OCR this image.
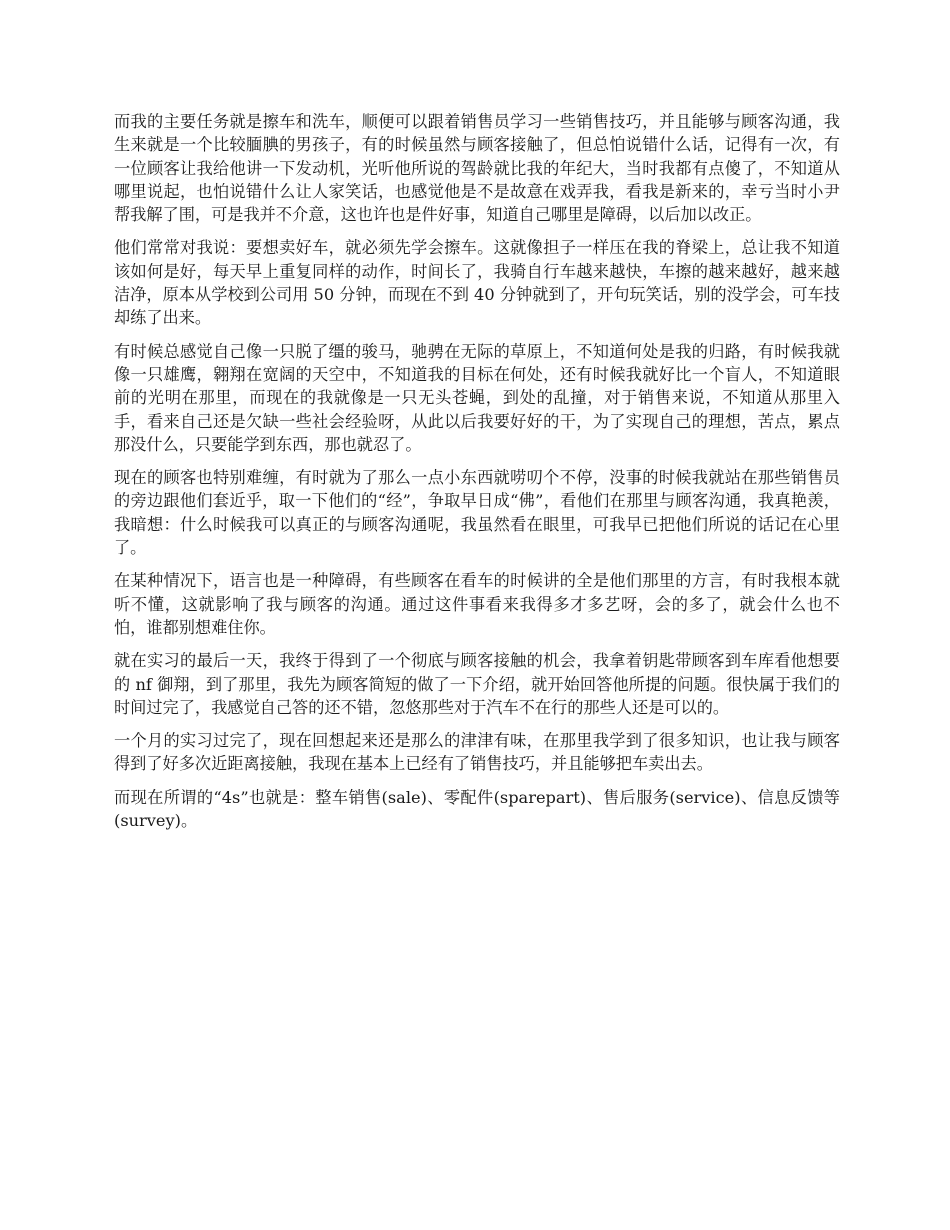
而我的主要任务就是擦车和洗车，顺便可以跟着销售员学习一些销售技巧，并且能够与顾客沟通，我生来就是一个比较腼腆的男孩子，有的时候虽然与顾客接触了，但总怕说错什么话，记得有一次，有一位顾客让我给他讲一下发动机，光听他所说的驾龄就比我的年纪大，当时我都有点傻了，不知道从哪里说起，也怕说错什么让人家笑话，也感觉他是不是故意在戏弄我，看我是新来的，幸亏当时小尹帮我解了围，可是我并不介意，这也许也是件好事，知道自己哪里是障碍，以后加以改正。

他们常常对我说：要想卖好车，就必须先学会擦车。这就像担子一样压在我的脊梁上，总让我不知道该如何是好，每天早上重复同样的动作，时间长了，我骑自行车越来越快，车擦的越来越好，越来越洁净，原本从学校到公司用 50 分钟，而现在不到 40 分钟就到了，开句玩笑话，别的没学会，可车技却练了出来。

有时候总感觉自己像一只脱了缰的骏马，驰骋在无际的草原上，不知道何处是我的归路，有时候我就像一只雄鹰，翱翔在宽阔的天空中，不知道我的目标在何处，还有时候我就好比一个盲人，不知道眼前的光明在那里，而现在的我就像是一只无头苍蝇，到处的乱撞，对于销售来说，不知道从那里入手，看来自己还是欠缺一些社会经验呀，从此以后我要好好的干，为了实现自己的理想，苦点，累点那没什么，只要能学到东西，那也就忍了。

现在的顾客也特别难缠，有时就为了那么一点小东西就唠叨个不停，没事的时候我就站在那些销售员的旁边跟他们套近乎，取一下他们的“经”，争取早日成“佛”，看他们在那里与顾客沟通，我真艳羡，我暗想：什么时候我可以真正的与顾客沟通呢，我虽然看在眼里，可我早已把他们所说的话记在心里了。

在某种情况下，语言也是一种障碍，有些顾客在看车的时候讲的全是他们那里的方言，有时我根本就听不懂，这就影响了我与顾客的沟通。通过这件事看来我得多才多艺呀，会的多了，就会什么也不怕，谁都别想难住你。

就在实习的最后一天，我终于得到了一个彻底与顾客接触的机会，我拿着钥匙带顾客到车库看他想要的 nf 御翔，到了那里，我先为顾客简短的做了一下介绍，就开始回答他所提的问题。很快属于我们的时间过完了，我感觉自己答的还不错，忽悠那些对于汽车不在行的那些人还是可以的。

一个月的实习过完了，现在回想起来还是那么的津津有味，在那里我学到了很多知识，也让我与顾客得到了好多次近距离接触，我现在基本上已经有了销售技巧，并且能够把车卖出去。

而现在所谓的“4s”也就是：整车销售(sale)、零配件(sparepart)、售后服务(service)、信息反馈等(survey)。
